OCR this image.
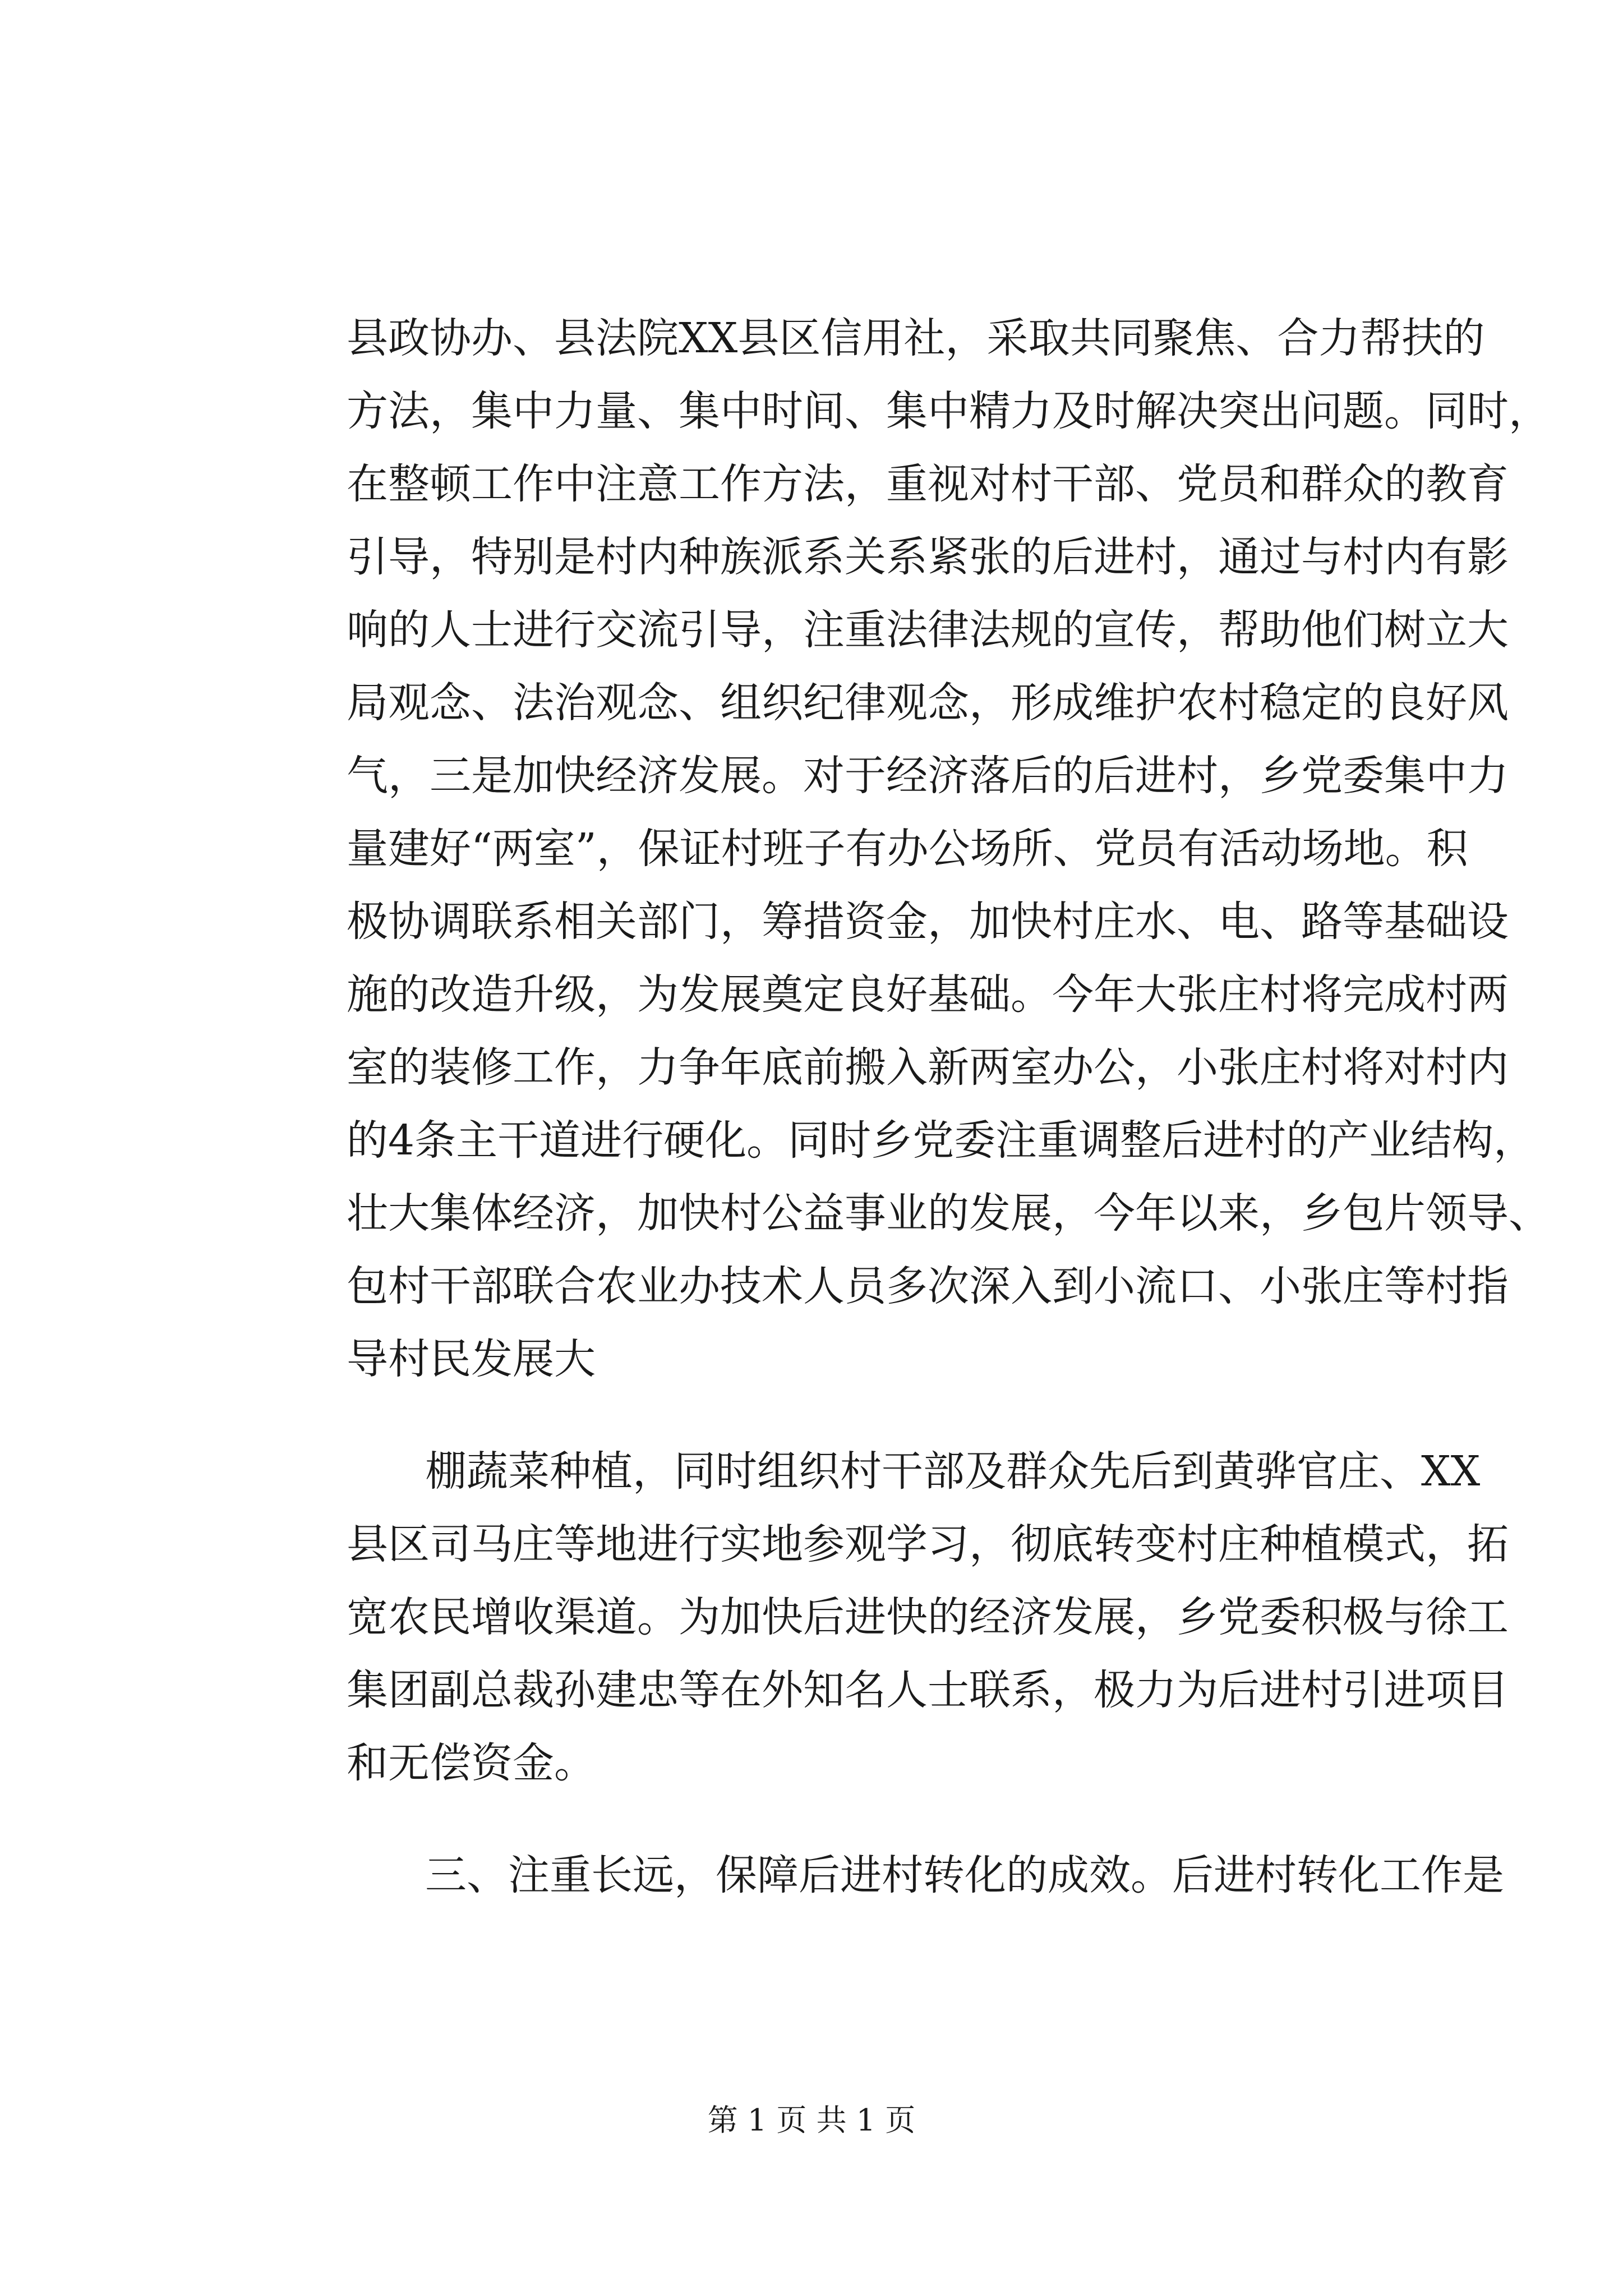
县政协办、县法院XX县区信用社，采取共同聚焦、合力帮扶的
方法，集中力量、集中时间、集中精力及时解决突出问题。同时，
在整顿工作中注意工作方法，重视对村干部、党员和群众的教育
引导，特别是村内种族派系关系紧张的后进村，通过与村内有影
响的人士进行交流引导，注重法律法规的宣传，帮助他们树立大
局观念、法治观念、组织纪律观念，形成维护农村稳定的良好风
气，三是加快经济发展。对于经济落后的后进村，乡党委集中力
量建好“两室”，保证村班子有办公场所、党员有活动场地。积
极协调联系相关部门，筹措资金，加快村庄水、电、路等基础设
施的改造升级，为发展奠定良好基础。今年大张庄村将完成村两
室的装修工作，力争年底前搬入新两室办公，小张庄村将对村内
的4条主干道进行硬化。同时乡党委注重调整后进村的产业结构，
壮大集体经济，加快村公益事业的发展，今年以来，乡包片领导、
包村干部联合农业办技术人员多次深入到小流口、小张庄等村指
导村民发展大
棚蔬菜种植，同时组织村干部及群众先后到黄骅官庄、XX
县区司马庄等地进行实地参观学习，彻底转变村庄种植模式，拓
宽农民增收渠道。为加快后进快的经济发展，乡党委积极与徐工
集团副总裁孙建忠等在外知名人士联系，极力为后进村引进项目
和无偿资金。
三、注重长远，保障后进村转化的成效。后进村转化工作是
第 1 页 共 1 页
